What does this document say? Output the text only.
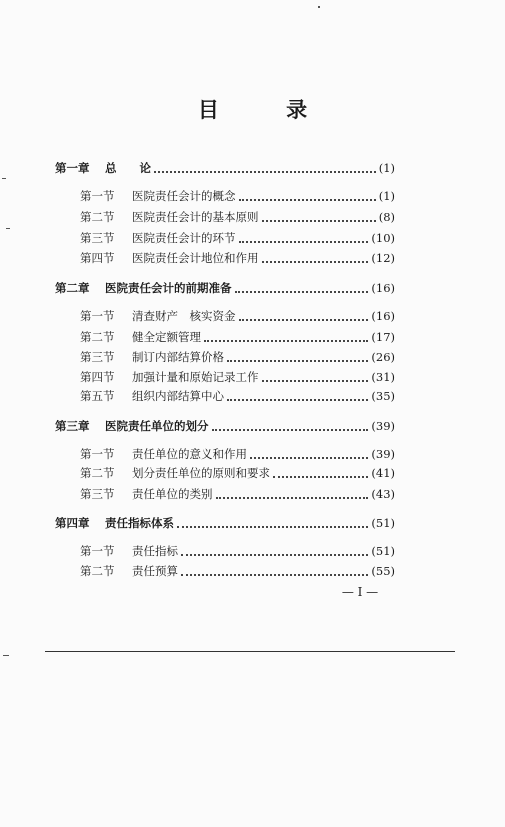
目 录
第一章	总　　论	(1)
第一节	医院责任会计的概念	(1)
第二节	医院责任会计的基本原则	(8)
第三节	医院责任会计的环节	(10)
第四节	医院责任会计地位和作用	(12)
第二章	医院责任会计的前期准备	(16)
第一节	清查财产　核实资金	(16)
第二节	健全定额管理	(17)
第三节	制订内部结算价格	(26)
第四节	加强计量和原始记录工作	(31)
第五节	组织内部结算中心	(35)
第三章	医院责任单位的划分	(39)
第一节	责任单位的意义和作用	(39)
第二节	划分责任单位的原则和要求	(41)
第三节	责任单位的类别	(43)
第四章	责任指标体系	(51)
第一节	责任指标	(51)
第二节	责任预算	(55)
— I —
